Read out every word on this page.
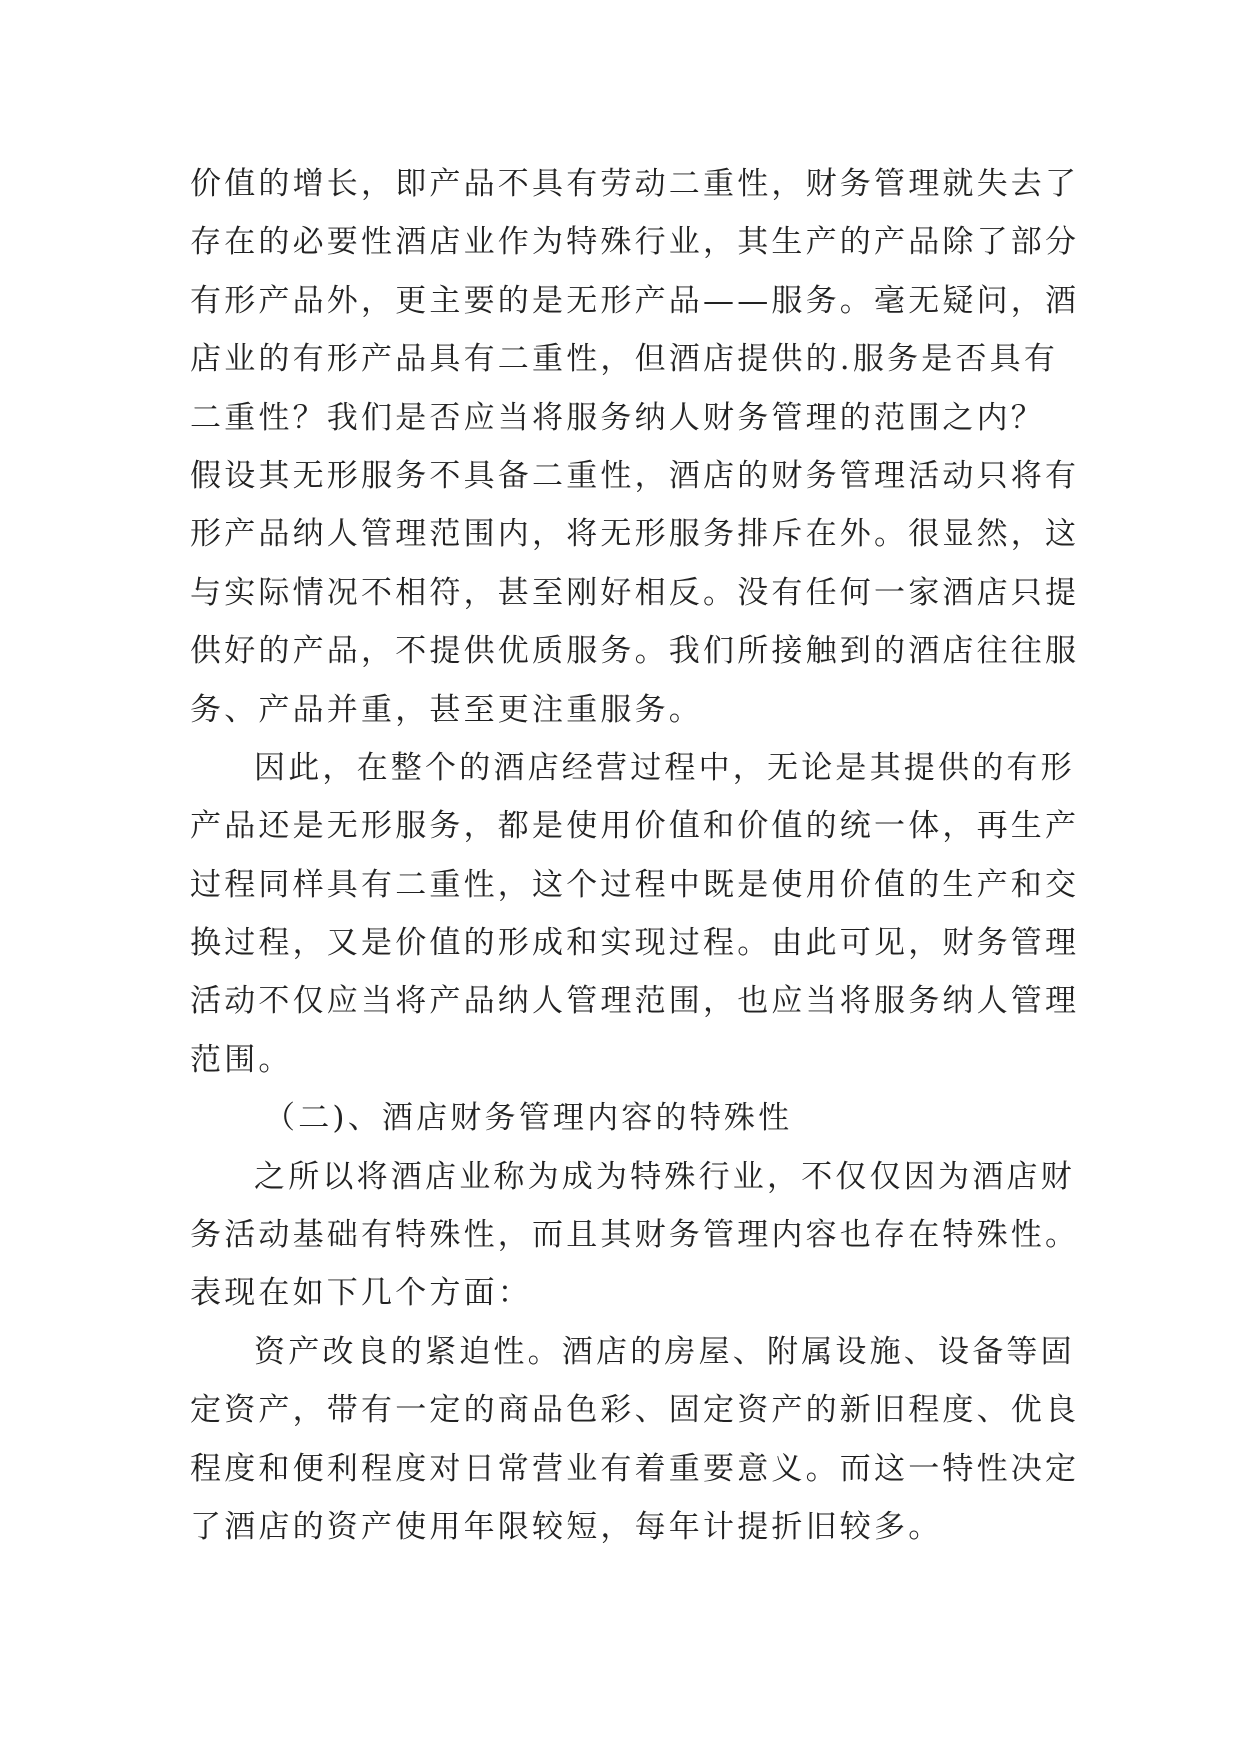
价值的增长，即产品不具有劳动二重性，财务管理就失去了
存在的必要性酒店业作为特殊行业，其生产的产品除了部分
有形产品外，更主要的是无形产品——服务。毫无疑问，酒
店业的有形产品具有二重性，但酒店提供的.服务是否具有
二重性？我们是否应当将服务纳人财务管理的范围之内？
假设其无形服务不具备二重性，酒店的财务管理活动只将有
形产品纳人管理范围内，将无形服务排斥在外。很显然，这
与实际情况不相符，甚至刚好相反。没有任何一家酒店只提
供好的产品，不提供优质服务。我们所接触到的酒店往往服
务、产品并重，甚至更注重服务。
因此，在整个的酒店经营过程中，无论是其提供的有形
产品还是无形服务，都是使用价值和价值的统一体，再生产
过程同样具有二重性，这个过程中既是使用价值的生产和交
换过程，又是价值的形成和实现过程。由此可见，财务管理
活动不仅应当将产品纳人管理范围，也应当将服务纳人管理
范围。
（二)、酒店财务管理内容的特殊性
之所以将酒店业称为成为特殊行业，不仅仅因为酒店财
务活动基础有特殊性，而且其财务管理内容也存在特殊性。
表现在如下几个方面：
资产改良的紧迫性。酒店的房屋、附属设施、设备等固
定资产，带有一定的商品色彩、固定资产的新旧程度、优良
程度和便利程度对日常营业有着重要意义。而这一特性决定
了酒店的资产使用年限较短，每年计提折旧较多。
